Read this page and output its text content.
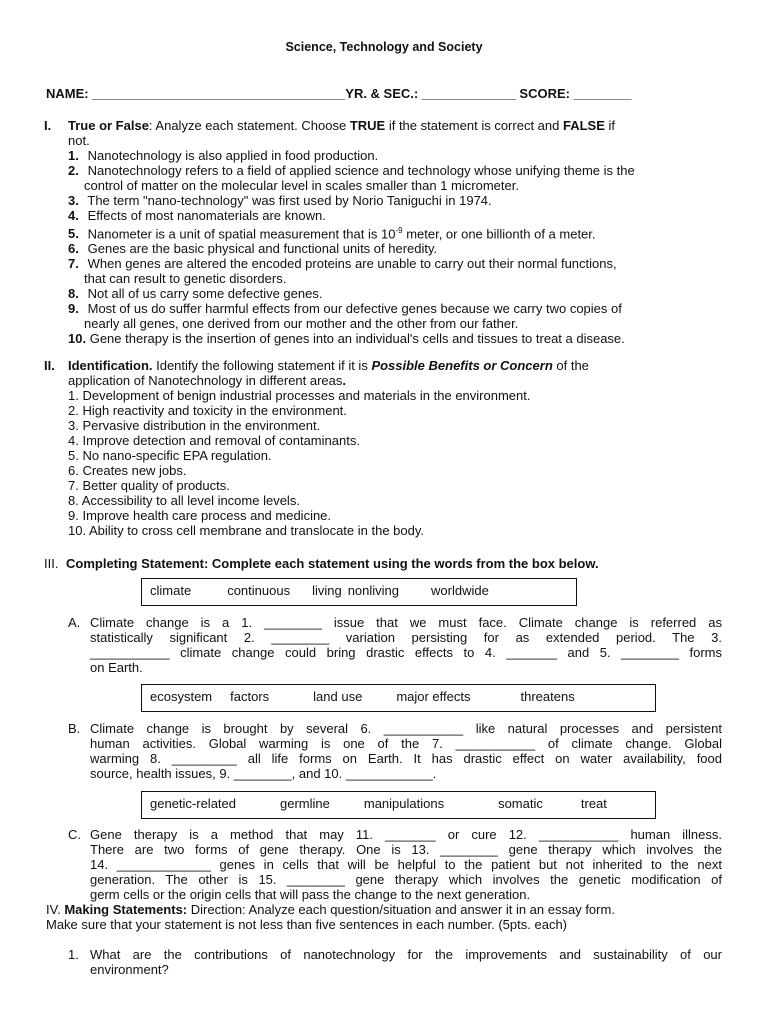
Science, Technology and Society
NAME: ___________________________________YR. & SEC.: _____________ SCORE: ________

I. True or False: Analyze each statement. Choose TRUE if the statement is correct and FALSE if

not.

1. Nanotechnology is also applied in food production.

2. Nanotechnology refers to a field of applied science and technology whose unifying theme is the

control of matter on the molecular level in scales smaller than 1 micrometer.

3. The term "nano-technology" was first used by Norio Taniguchi in 1974.

4. Effects of most nanomaterials are known.

5. Nanometer is a unit of spatial measurement that is $10^{-9}$ meter, or one billionth of a meter.

6. Genes are the basic physical and functional units of heredity.

7. When genes are altered the encoded proteins are unable to carry out their normal functions,

that can result to genetic disorders.

8. Not all of us carry some defective genes.

9. Most of us do suffer harmful effects from our defective genes because we carry two copies of

nearly all genes, one derived from our mother and the other from our father.

10. Gene therapy is the insertion of genes into an individual's cells and tissues to treat a disease.

II. Identification. Identify the following statement if it is Possible Benefits or Concern of the

application of Nanotechnology in different areas.

1. Development of benign industrial processes and materials in the environment.

2. High reactivity and toxicity in the environment.

3. Pervasive distribution in the environment.

4. Improve detection and removal of contaminants.

5. No nano-specific EPA regulation.

6. Creates new jobs.

7. Better quality of products.

8. Accessibility to all level income levels.

9. Improve health care process and medicine.

10. Ability to cross cell membrane and translocate in the body.

III. Completing Statement: Complete each statement using the words from the box below.

climate	continuous living nonliving worldwide
A. Climate change is a 1. ________ issue that we must face. Climate change is referred as

statistically significant 2. ________ variation persisting for as extended period. The 3.

___________ climate change could bring drastic effects to 4. _______ and 5. ________ forms

on Earth.

ecosystem factors	land use	major effects	threatens
B. Climate change is brought by several 6. ___________ like natural processes and persistent

human activities. Global warming is one of the 7. ___________ of climate change. Global

warming 8. _________ all life forms on Earth. It has drastic effect on water availability, food

source, health issues, 9. ________, and 10. ____________.

genetic-related	germline	manipulations	somatic	treat
C. Gene therapy is a method that may 11. _______ or cure 12. ___________ human illness.

There are two forms of gene therapy. One is 13. ________ gene therapy which involves the

14. _____________ genes in cells that will be helpful to the patient but not inherited to the next

generation. The other is 15. ________ gene therapy which involves the genetic modification of

germ cells or the origin cells that will pass the change to the next generation.

IV. Making Statements: Direction: Analyze each question/situation and answer it in an essay form.

Make sure that your statement is not less than five sentences in each number. (5pts. each)

1. What are the contributions of nanotechnology for the improvements and sustainability of our

environment?
